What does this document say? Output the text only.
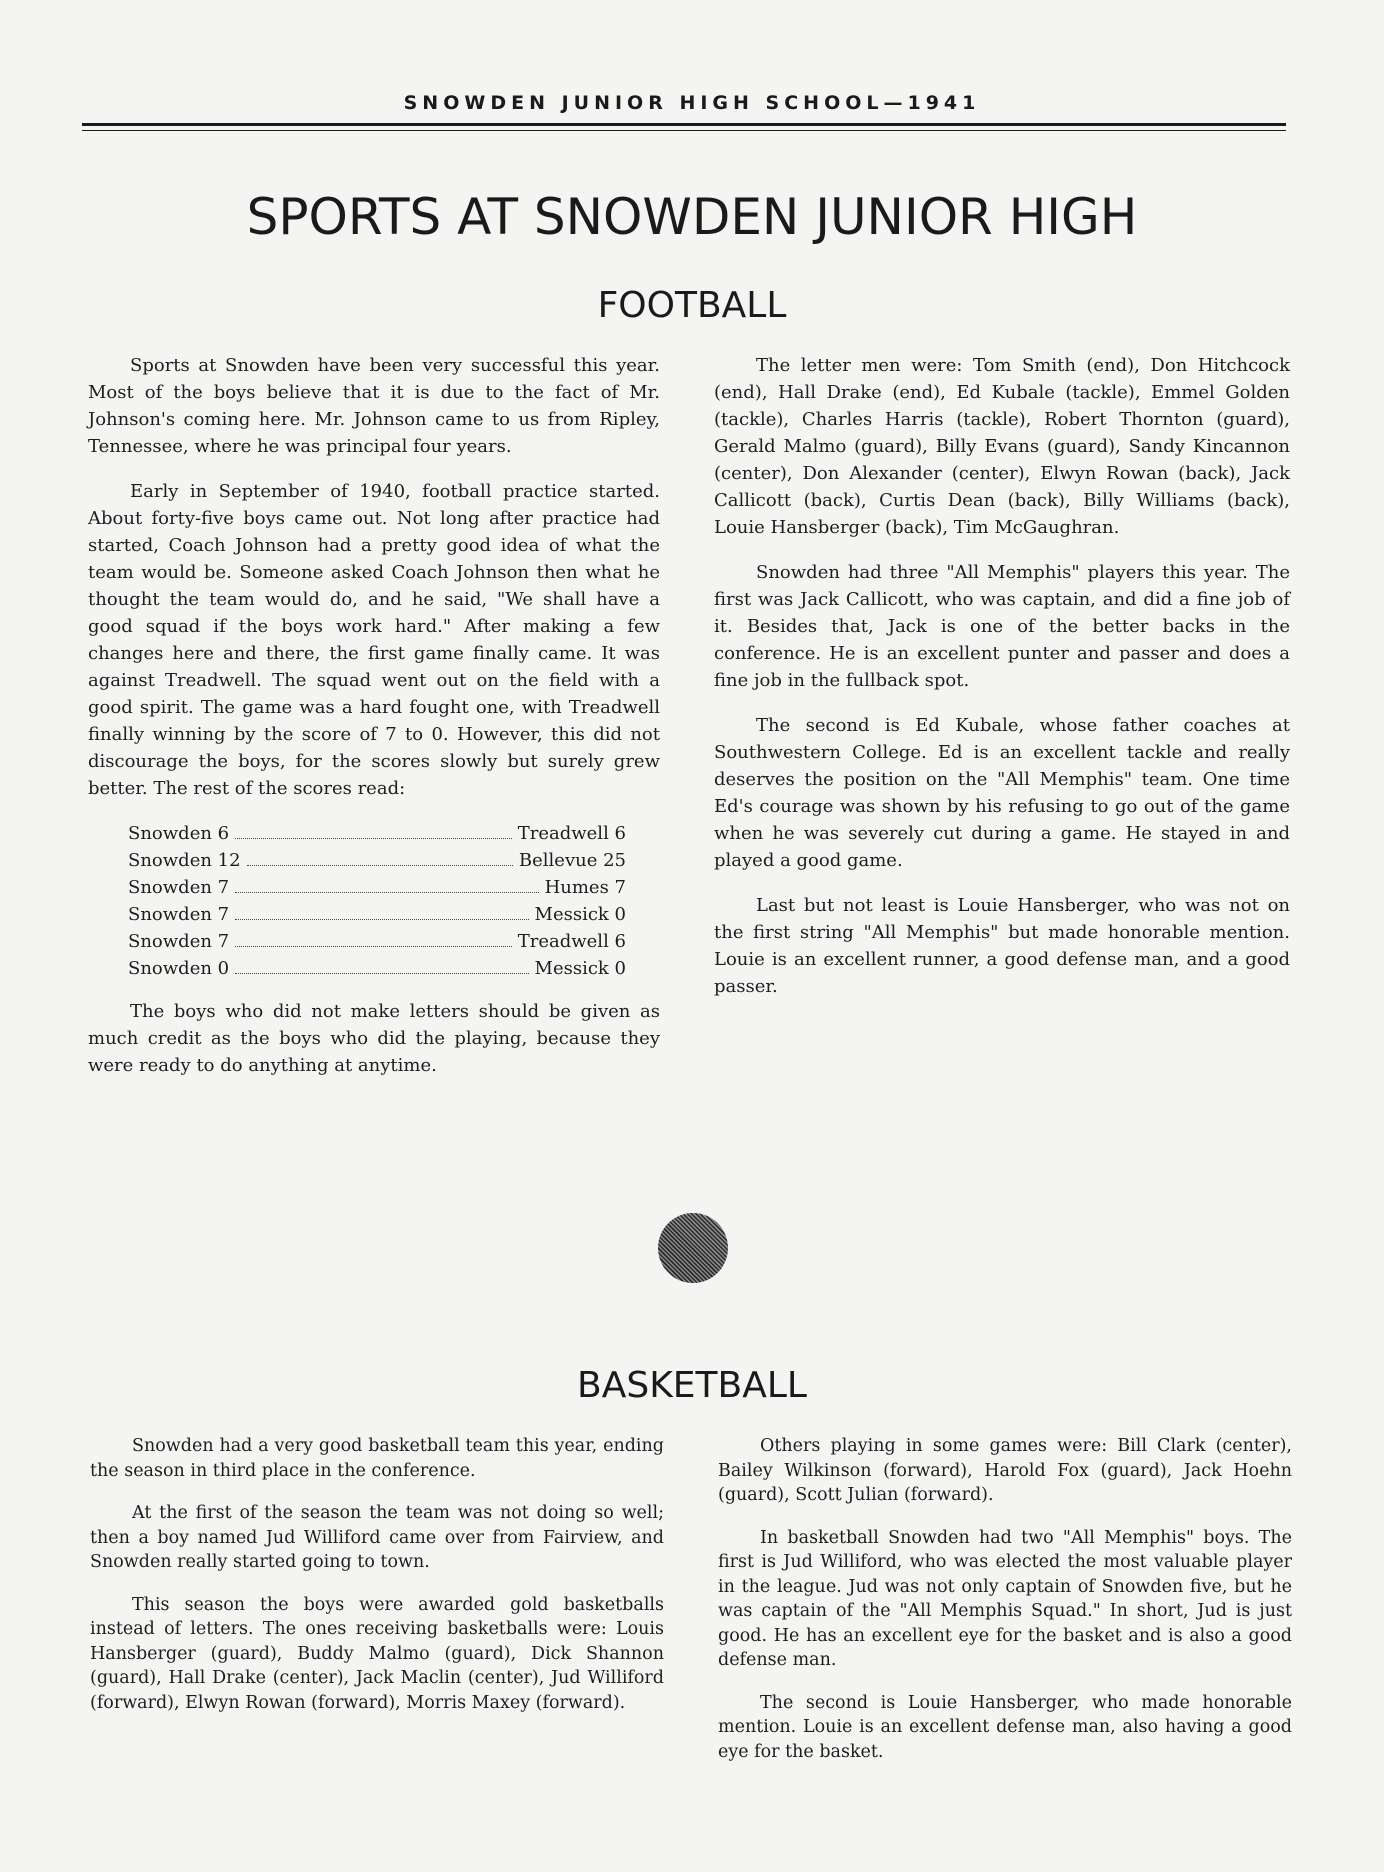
SNOWDEN JUNIOR HIGH SCHOOL—1941
SPORTS AT SNOWDEN JUNIOR HIGH
FOOTBALL

Sports at Snowden have been very successful this year. Most of the boys believe that it is due to the fact of Mr. Johnson's coming here. Mr. Johnson came to us from Ripley, Tennessee, where he was principal four years.

Early in September of 1940, football practice started. About forty-five boys came out. Not long after practice had started, Coach Johnson had a pretty good idea of what the team would be. Someone asked Coach Johnson then what he thought the team would do, and he said, "We shall have a good squad if the boys work hard." After making a few changes here and there, the first game finally came. It was against Treadwell. The squad went out on the field with a good spirit. The game was a hard fought one, with Treadwell finally winning by the score of 7 to 0. However, this did not discourage the boys, for the scores slowly but surely grew better. The rest of the scores read:

Snowden 6	Treadwell 6
Snowden 12	Bellevue 25
Snowden 7	Humes 7
Snowden 7	Messick 0
Snowden 7	Treadwell 6
Snowden 0	Messick 0

The boys who did not make letters should be given as much credit as the boys who did the playing, because they were ready to do anything at anytime.

The letter men were: Tom Smith (end), Don Hitchcock (end), Hall Drake (end), Ed Kubale (tackle), Emmel Golden (tackle), Charles Harris (tackle), Robert Thornton (guard), Gerald Malmo (guard), Billy Evans (guard), Sandy Kincannon (center), Don Alexander (center), Elwyn Rowan (back), Jack Callicott (back), Curtis Dean (back), Billy Williams (back), Louie Hansberger (back), Tim McGaughran.

Snowden had three "All Memphis" players this year. The first was Jack Callicott, who was captain, and did a fine job of it. Besides that, Jack is one of the better backs in the conference. He is an excellent punter and passer and does a fine job in the fullback spot.

The second is Ed Kubale, whose father coaches at Southwestern College. Ed is an excellent tackle and really deserves the position on the "All Memphis" team. One time Ed's courage was shown by his refusing to go out of the game when he was severely cut during a game. He stayed in and played a good game.

Last but not least is Louie Hansberger, who was not on the first string "All Memphis" but made honorable mention. Louie is an excellent runner, a good defense man, and a good passer.

BASKETBALL

Snowden had a very good basketball team this year, ending the season in third place in the conference.

At the first of the season the team was not doing so well; then a boy named Jud Williford came over from Fairview, and Snowden really started going to town.

This season the boys were awarded gold basketballs instead of letters. The ones receiving basketballs were: Louis Hansberger (guard), Buddy Malmo (guard), Dick Shannon (guard), Hall Drake (center), Jack Maclin (center), Jud Williford (forward), Elwyn Rowan (forward), Morris Maxey (forward).

Others playing in some games were: Bill Clark (center), Bailey Wilkinson (forward), Harold Fox (guard), Jack Hoehn (guard), Scott Julian (forward).

In basketball Snowden had two "All Memphis" boys. The first is Jud Williford, who was elected the most valuable player in the league. Jud was not only captain of Snowden five, but he was captain of the "All Memphis Squad." In short, Jud is just good. He has an excellent eye for the basket and is also a good defense man.

The second is Louie Hansberger, who made honorable mention. Louie is an excellent defense man, also having a good eye for the basket.
